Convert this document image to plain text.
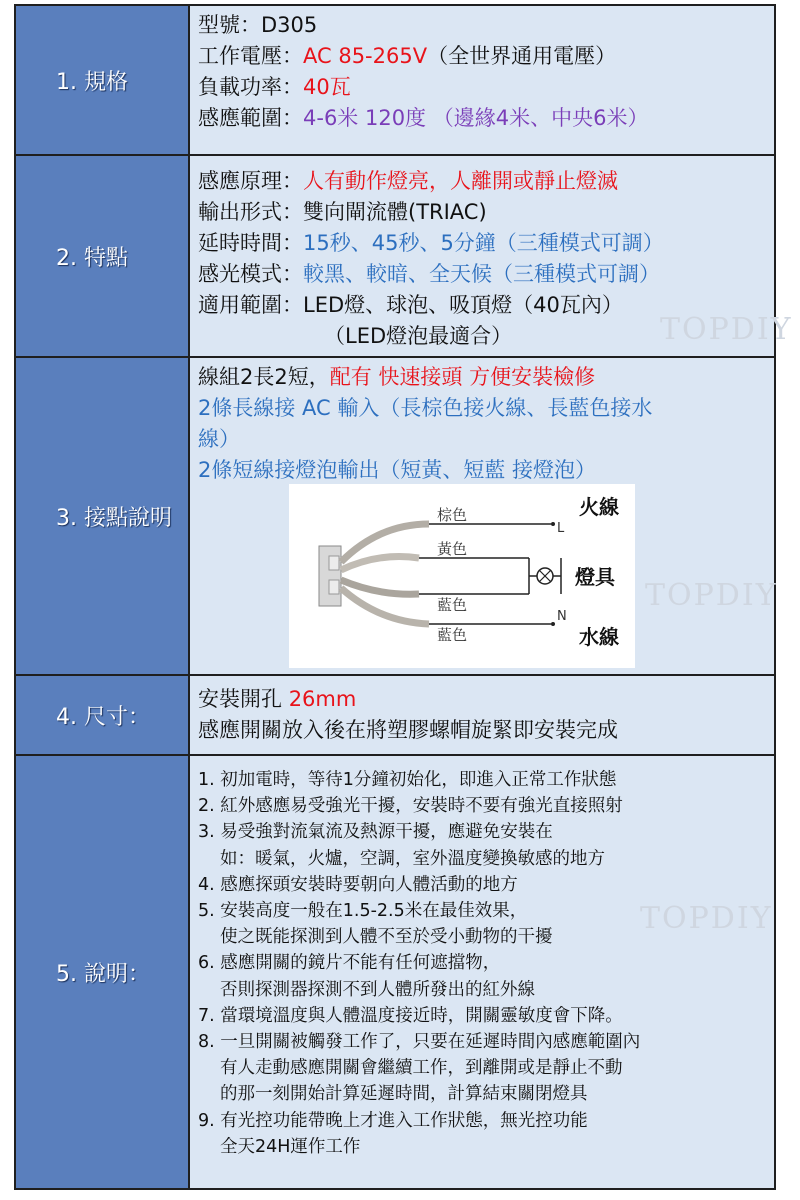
1. 規格
型號：D305
工作電壓：AC 85-265V（全世界通用電壓）
負載功率：40瓦
感應範圍：4-6米 120度 （邊緣4米、中央6米）
2. 特點
感應原理：人有動作燈亮，人離開或靜止燈滅
輸出形式：雙向閘流體(TRIAC)
延時時間：15秒、45秒、5分鐘（三種模式可調）
感光模式：較黑、較暗、全天候（三種模式可調）
適用範圍：LED燈、球泡、吸頂燈（40瓦內）
（LED燈泡最適合）	TOPDIY
3. 接點說明
線組2長2短，配有 快速接頭 方便安裝檢修
2條長線接 AC 輸入（長棕色接火線、長藍色接水
線）
2條短線接燈泡輸出（短黃、短藍 接燈泡）
棕色
黃色
藍色
藍色
L
N
火線
燈具
水線
TOPDIY
4. 尺寸：
安裝開孔 26mm
感應開關放入後在將塑膠螺帽旋緊即安裝完成
5. 說明：
1. 初加電時，等待1分鐘初始化，即進入正常工作狀態
2. 紅外感應易受強光干擾，安裝時不要有強光直接照射
3. 易受強對流氣流及熱源干擾，應避免安裝在
如：暖氣，火爐，空調，室外溫度變換敏感的地方
4. 感應探頭安裝時要朝向人體活動的地方
5. 安裝高度一般在1.5-2.5米在最佳效果，
使之既能探測到人體不至於受小動物的干擾
6. 感應開關的鏡片不能有任何遮擋物，
否則探測器探測不到人體所發出的紅外線
7. 當環境溫度與人體溫度接近時，開關靈敏度會下降。
8. 一旦開關被觸發工作了，只要在延遲時間內感應範圍內
有人走動感應開關會繼續工作，到離開或是靜止不動
的那一刻開始計算延遲時間，計算結束關閉燈具
9. 有光控功能帶晚上才進入工作狀態，無光控功能
全天24H運作工作
TOPDIY
